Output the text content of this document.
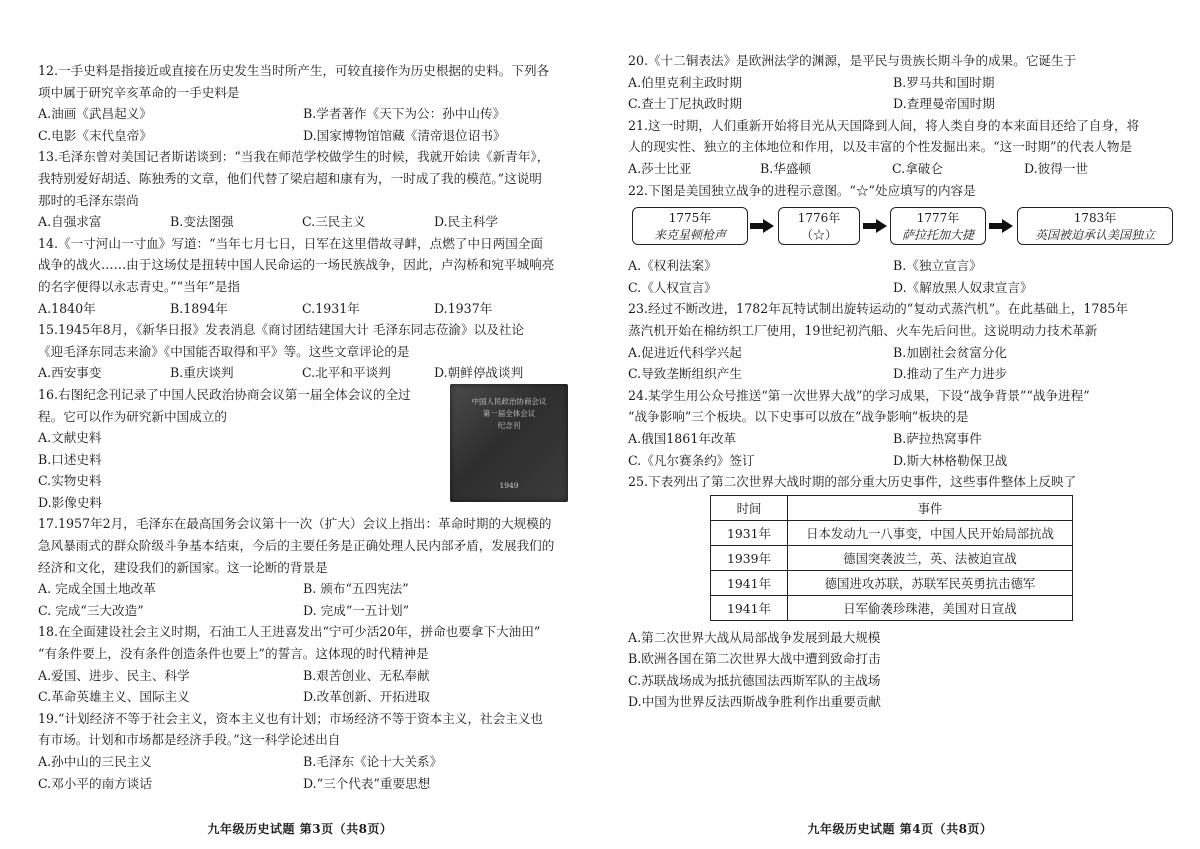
12.一手史料是指接近或直接在历史发生当时所产生，可较直接作为历史根据的史料。下列各

项中属于研究辛亥革命的一手史料是

A.油画《武昌起义》	B.学者著作《天下为公：孙中山传》
C.电影《末代皇帝》	D.国家博物馆馆藏《清帝退位诏书》

13.毛泽东曾对美国记者斯诺谈到：“当我在师范学校做学生的时候，我就开始读《新青年》，

我特别爱好胡适、陈独秀的文章，他们代替了梁启超和康有为，一时成了我的模范。”这说明

那时的毛泽东崇尚

A.自强求富	B.变法图强	C.三民主义	D.民主科学

14.《一寸河山一寸血》写道：“当年七月七日，日军在这里借故寻衅，点燃了中日两国全面

战争的战火……由于这场仗是扭转中国人民命运的一场民族战争，因此，卢沟桥和宛平城响亮

的名字便得以永志青史。”“当年”是指

A.1840年	B.1894年	C.1931年	D.1937年

15.1945年8月，《新华日报》发表消息《商讨团结建国大计 毛泽东同志莅渝》以及社论

《迎毛泽东同志来渝》《中国能否取得和平》等。这些文章评论的是

A.西安事变	B.重庆谈判	C.北平和平谈判	D.朝鲜停战谈判
中国人民政治协商会议
第一届全体会议
纪念刊
1949

16.右图纪念刊记录了中国人民政治协商会议第一届全体会议的全过

程。它可以作为研究新中国成立的

A.文献史料
B.口述史料
C.实物史料
D.影像史料

17.1957年2月，毛泽东在最高国务会议第十一次（扩大）会议上指出：革命时期的大规模的

急风暴雨式的群众阶级斗争基本结束，今后的主要任务是正确处理人民内部矛盾，发展我们的

经济和文化，建设我们的新国家。这一论断的背景是

A. 完成全国土地改革	B. 颁布“五四宪法”
C. 完成“三大改造”	D. 完成“一五计划”

18.在全面建设社会主义时期，石油工人王进喜发出“宁可少活20年，拼命也要拿下大油田”

“有条件要上，没有条件创造条件也要上”的誓言。这体现的时代精神是

A.爱国、进步、民主、科学	B.艰苦创业、无私奉献
C.革命英雄主义、国际主义	D.改革创新、开拓进取

19.“计划经济不等于社会主义，资本主义也有计划；市场经济不等于资本主义，社会主义也

有市场。计划和市场都是经济手段。”这一科学论述出自

A.孙中山的三民主义	B.毛泽东《论十大关系》
C.邓小平的南方谈话	D.“三个代表”重要思想
九年级历史试题 第3页（共8页）

20.《十二铜表法》是欧洲法学的渊源，是平民与贵族长期斗争的成果。它诞生于

A.伯里克利主政时期	B.罗马共和国时期
C.查士丁尼执政时期	D.查理曼帝国时期

21.这一时期，人们重新开始将目光从天国降到人间，将人类自身的本来面目还给了自身，将

人的现实性、独立的主体地位和作用，以及丰富的个性发掘出来。“这一时期”的代表人物是

A.莎士比亚	B.华盛顿	C.拿破仑	D.彼得一世

22.下图是美国独立战争的进程示意图。“☆”处应填写的内容是

1775年
来克星顿枪声
1776年
（☆）
1777年
萨拉托加大捷
1783年
英国被迫承认美国独立
A.《权利法案》	B.《独立宣言》
C.《人权宣言》	D.《解放黑人奴隶宣言》

23.经过不断改进，1782年瓦特试制出旋转运动的“复动式蒸汽机”。在此基础上，1785年

蒸汽机开始在棉纺织工厂使用，19世纪初汽船、火车先后问世。这说明动力技术革新

A.促进近代科学兴起	B.加剧社会贫富分化
C.导致垄断组织产生	D.推动了生产力进步

24.某学生用公众号推送“第一次世界大战”的学习成果，下设“战争背景”“战争进程”

“战争影响”三个板块。以下史事可以放在“战争影响”板块的是

A.俄国1861年改革	B.萨拉热窝事件
C.《凡尔赛条约》签订	D.斯大林格勒保卫战

25.下表列出了第二次世界大战时期的部分重大历史事件，这些事件整体上反映了

时间	事件
1931年	日本发动九一八事变，中国人民开始局部抗战
1939年	德国突袭波兰，英、法被迫宣战
1941年	德国进攻苏联，苏联军民英勇抗击德军
1941年	日军偷袭珍珠港，美国对日宣战
A.第二次世界大战从局部战争发展到最大规模
B.欧洲各国在第二次世界大战中遭到致命打击
C.苏联战场成为抵抗德国法西斯军队的主战场
D.中国为世界反法西斯战争胜利作出重要贡献
九年级历史试题 第4页（共8页）
